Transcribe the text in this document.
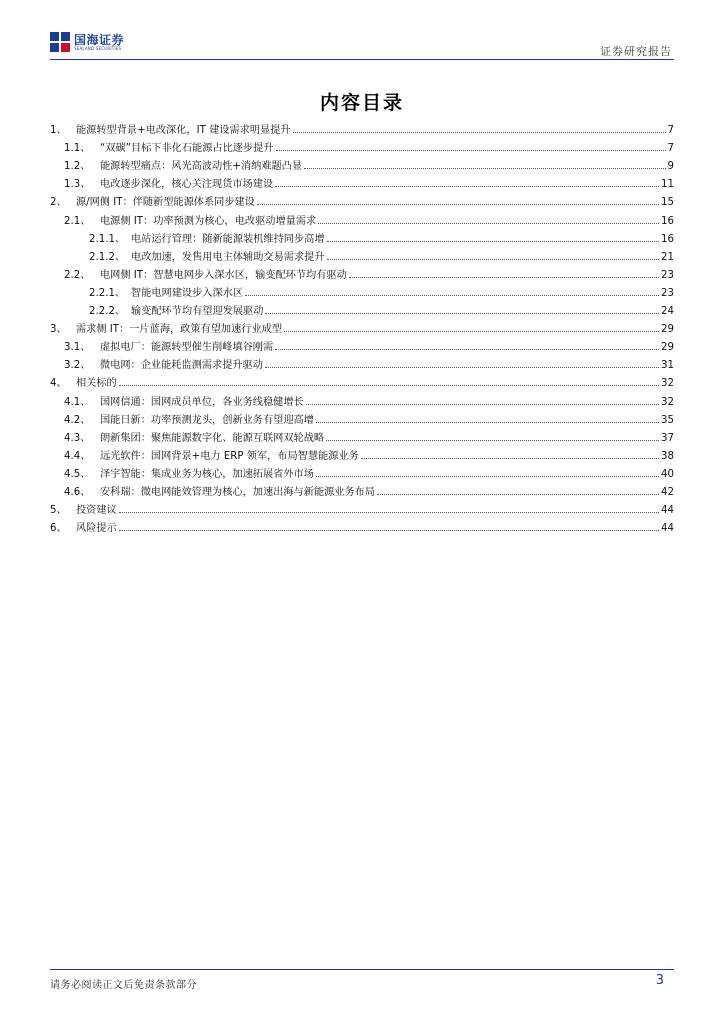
国海证券
SEALAND SECURITIES	证券研究报告
内容目录
1、 能源转型背景+电改深化，IT 建设需求明显提升	7
1.1、 “双碳”目标下非化石能源占比逐步提升	7
1.2、 能源转型痛点：风光高波动性+消纳难题凸显	9
1.3、 电改逐步深化，核心关注现货市场建设	11
2、 源/网侧 IT：伴随新型能源体系同步建设	15
2.1、 电源侧 IT：功率预测为核心，电改驱动增量需求	16
2.1.1、 电站运行管理：随新能源装机维持同步高增	16
2.1.2、 电改加速，发售用电主体辅助交易需求提升	21
2.2、 电网侧 IT：智慧电网步入深水区，输变配环节均有驱动	23
2.2.1、 智能电网建设步入深水区	23
2.2.2、 输变配环节均有望迎发展驱动	24
3、 需求侧 IT：一片蓝海，政策有望加速行业成型	29
3.1、 虚拟电厂：能源转型催生削峰填谷刚需	29
3.2、 微电网：企业能耗监测需求提升驱动	31
4、 相关标的	32
4.1、 国网信通：国网成员单位，各业务线稳健增长	32
4.2、 国能日新：功率预测龙头，创新业务有望迎高增	35
4.3、 朗新集团：聚焦能源数字化、能源互联网双轮战略	37
4.4、 远光软件：国网背景+电力 ERP 领军，布局智慧能源业务	38
4.5、 泽宇智能：集成业务为核心，加速拓展省外市场	40
4.6、 安科瑞：微电网能效管理为核心，加速出海与新能源业务布局	42
5、 投资建议	44
6、 风险提示	44
请务必阅读正文后免责条款部分	3
